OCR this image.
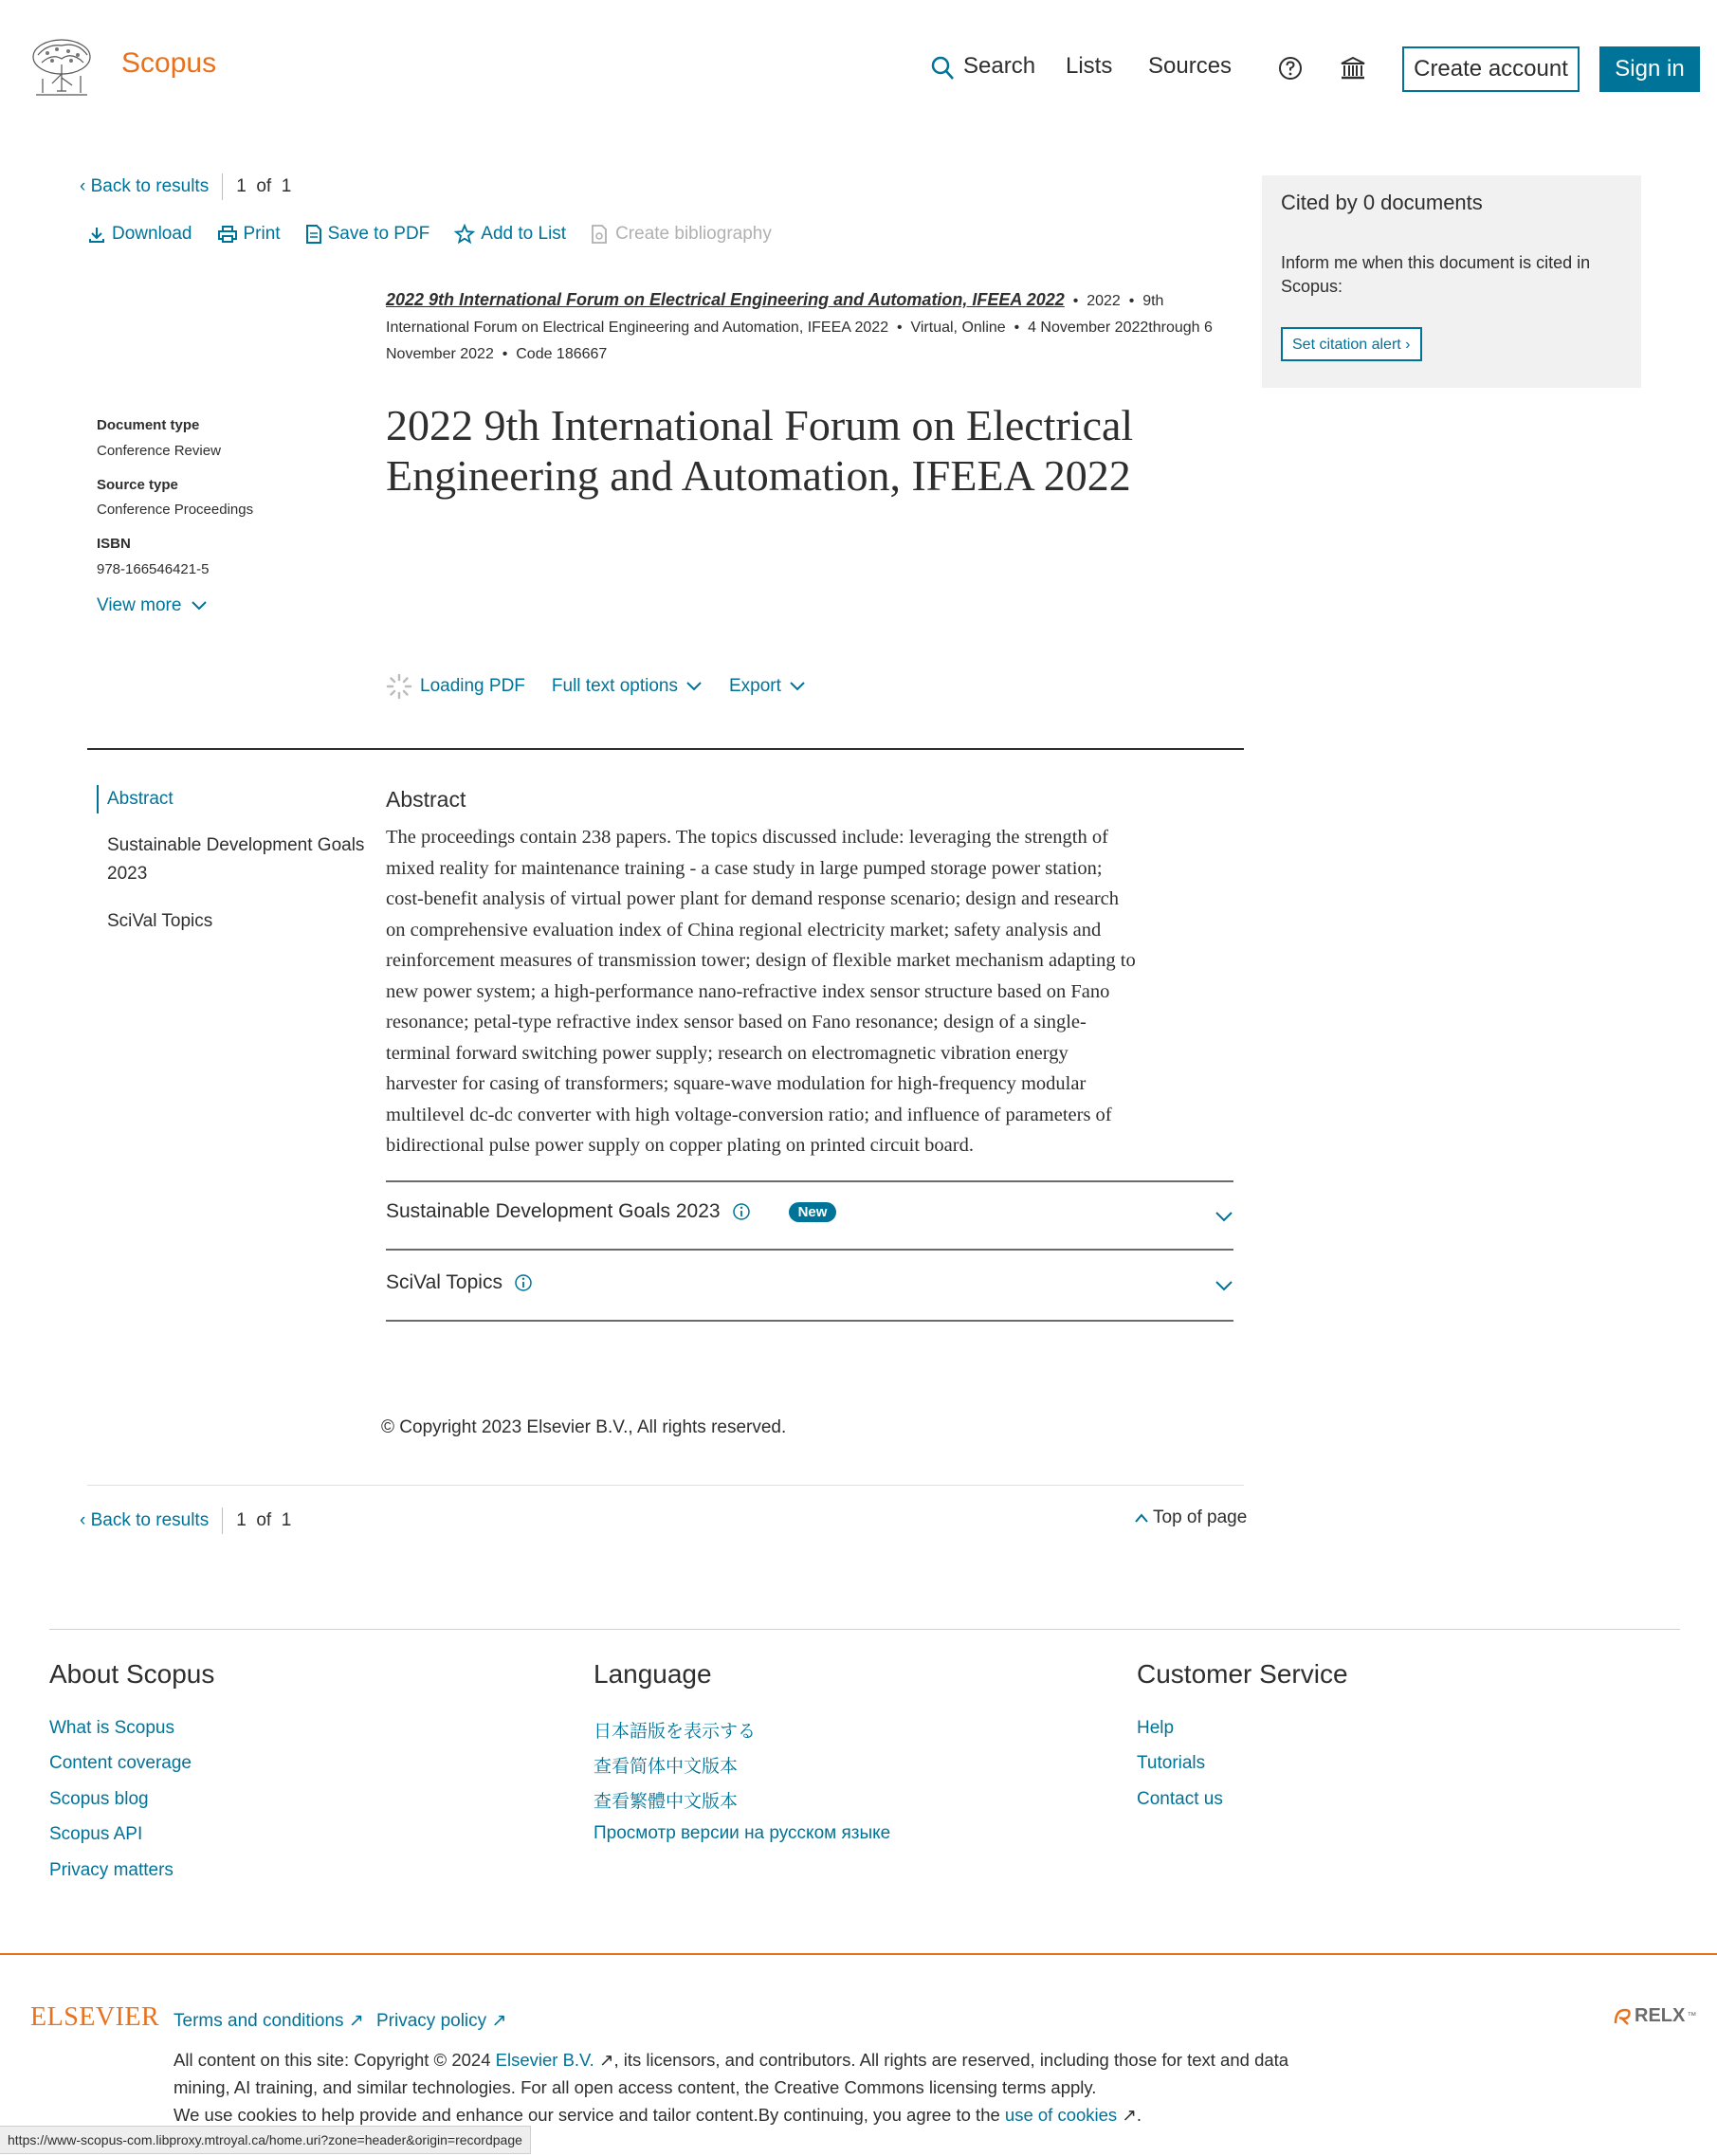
Scopus	Search Lists Sources	Create account	Sign in
‹ Back to results 1
of
1
Download	Print	Save to PDF	Add to List	Create bibliography
2022 9th International Forum on Electrical Engineering and Automation, IFEEA 2022  •  2022  •  9th International Forum on Electrical Engineering and Automation, IFEEA 2022  •  Virtual, Online  •  4 November 2022through 6 November 2022  •  Code 186667
Document type
Conference Review
Source type
Conference Proceedings
ISBN
978-166546421-5
View more
2022 9th International Forum on Electrical
Engineering and Automation, IFEEA 2022
Loading PDF Full text options	Export
Abstract
Sustainable Development Goals
2023
SciVal Topics
Abstract
The proceedings contain 238 papers. The topics discussed include: leveraging the strength of
mixed reality for maintenance training - a case study in large pumped storage power station;
cost-benefit analysis of virtual power plant for demand response scenario; design and research
on comprehensive evaluation index of China regional electricity market; safety analysis and
reinforcement measures of transmission tower; design of flexible market mechanism adapting to
new power system; a high-performance nano-refractive index sensor structure based on Fano
resonance; petal-type refractive index sensor based on Fano resonance; design of a single-
terminal forward switching power supply; research on electromagnetic vibration energy
harvester for casing of transformers; square-wave modulation for high-frequency modular
multilevel dc-dc converter with high voltage-conversion ratio; and influence of parameters of
bidirectional pulse power supply on copper plating on printed circuit board.
Sustainable Development Goals 2023	New
SciVal Topics
© Copyright 2023 Elsevier B.V., All rights reserved.
‹ Back to results 1
of
1	Top of page
Cited by 0 documents
Inform me when this document is cited in Scopus:
Set citation alert ›
About Scopus
What is Scopus
Content coverage
Scopus blog
Scopus API
Privacy matters
Language
日本語版を表示する
查看简体中文版本
查看繁體中文版本
Просмотр версии на русском языке
Customer Service
Help
Tutorials
Contact us
ELSEVIER Terms and conditions ↗ Privacy policy ↗
All content on this site: Copyright © 2024 Elsevier B.V. ↗, its licensors, and contributors. All rights are reserved, including those for text and data
mining, AI training, and similar technologies. For all open access content, the Creative Commons licensing terms apply.
We use cookies to help provide and enhance our service and tailor content.By continuing, you agree to the use of cookies ↗.
RELX ™
https://www-scopus-com.libproxy.mtroyal.ca/home.uri?zone=header&origin=recordpage
